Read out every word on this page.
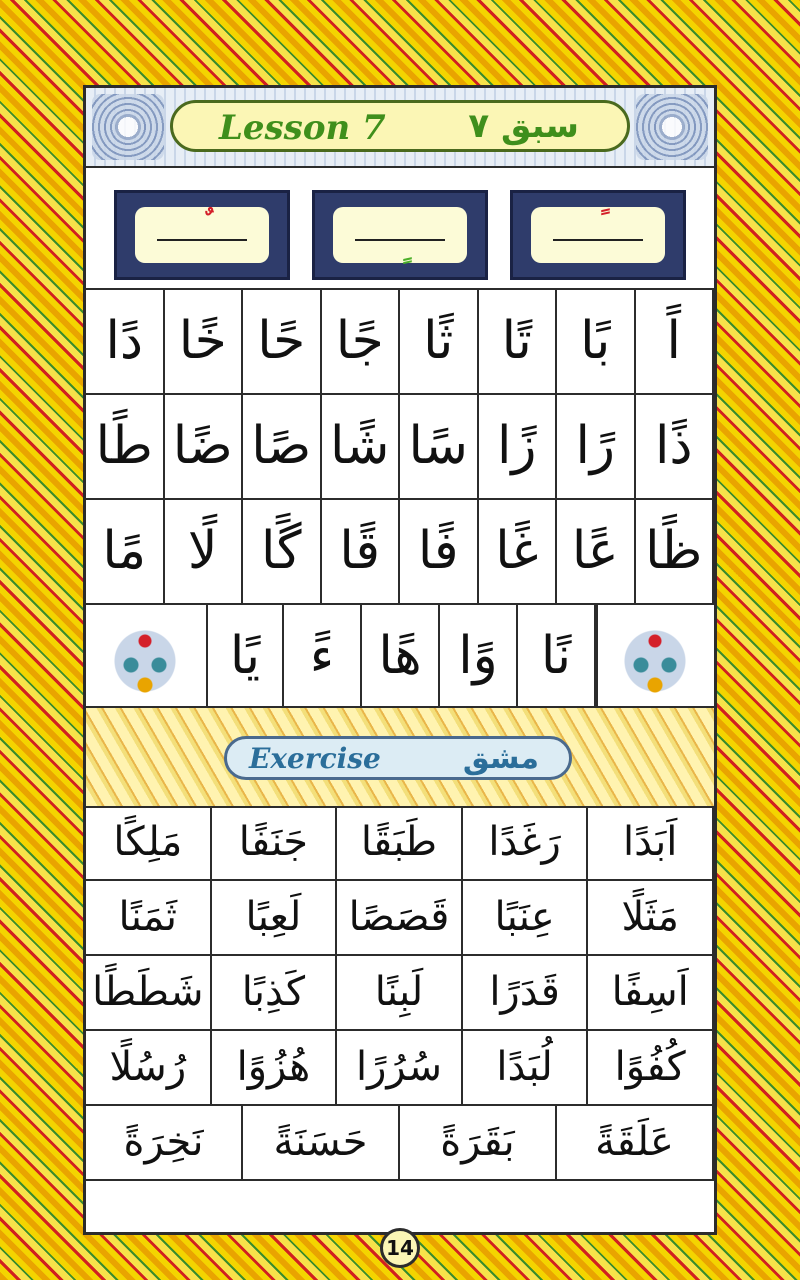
Lesson 7 سبق ۷
اً
بًا
تًا
ثًا
جًا
حًا
خًا
دًا
ذًا
رًا
زًا
سًا
شًا
صًا
ضًا
طًا
ظًا
عًا
غًا
فًا
قًا
گًا
لًا
مًا
نًا
وًا
هًا
ءً
يًا
Exercise	مشق
اَبَدًا
رَغَدًا
طَبَقًا
جَنَفًا
مَلِكًا
مَثَلًا
عِنَبًا
قَصَصًا
لَعِبًا
ثَمَنًا
اَسِفًا
قَدَرًا
لَبِنًا
كَذِبًا
شَطَطًا
كُفُوًا
لُبَدًا
سُرُرًا
هُزُوًا
رُسُلًا
عَلَقَةً
بَقَرَةً
حَسَنَةً
نَخِرَةً
14
